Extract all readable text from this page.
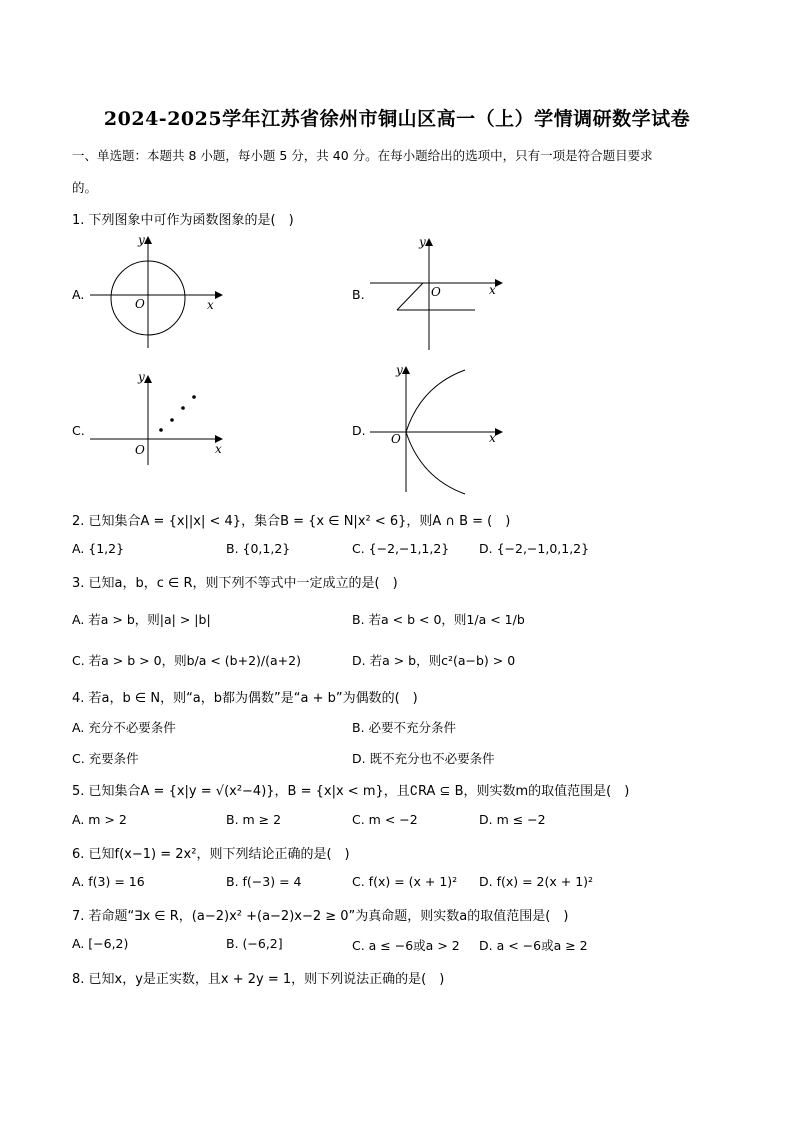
2024-2025学年江苏省徐州市铜山区高一（上）学情调研数学试卷
一、单选题：本题共 8 小题，每小题 5 分，共 40 分。在每小题给出的选项中，只有一项是符合题目要求
的。
1. 下列图象中可作为函数图象的是(　)
A.
y
x
O
B.
y
x
O
C.
y
x
O
D.
y
x
O
2. 已知集合A = {x||x| < 4}，集合B = {x ∈ N|x² < 6}，则A ∩ B = (　)
A. {1,2}	B. {0,1,2}	C. {−2,−1,1,2} D. {−2,−1,0,1,2}
3. 已知a，b，c ∈ R，则下列不等式中一定成立的是(　)
A. 若a > b，则|a| > |b|	B. 若a < b < 0，则1/a < 1/b
C. 若a > b > 0，则b/a < (b+2)/(a+2)	D. 若a > b，则c²(a−b) > 0
4. 若a，b ∈ N，则“a，b都为偶数”是“a + b”为偶数的(　)
A. 充分不必要条件	B. 必要不充分条件
C. 充要条件	D. 既不充分也不必要条件
5. 已知集合A = {x|y = √(x²−4)}，B = {x|x < m}，且∁RA ⊆ B，则实数m的取值范围是(　)
A. m > 2	B. m ≥ 2	C. m < −2	D. m ≤ −2
6. 已知f(x−1) = 2x²，则下列结论正确的是(　)
A. f(3) = 16	B. f(−3) = 4	C. f(x) = (x + 1)² D. f(x) = 2(x + 1)²
7. 若命题“∃x ∈ R，(a−2)x² +(a−2)x−2 ≥ 0”为真命题，则实数a的取值范围是(　)
A. [−6,2)	B. (−6,2]	C. a ≤ −6或a > 2 D. a < −6或a ≥ 2
8. 已知x，y是正实数，且x + 2y = 1，则下列说法正确的是(　)
